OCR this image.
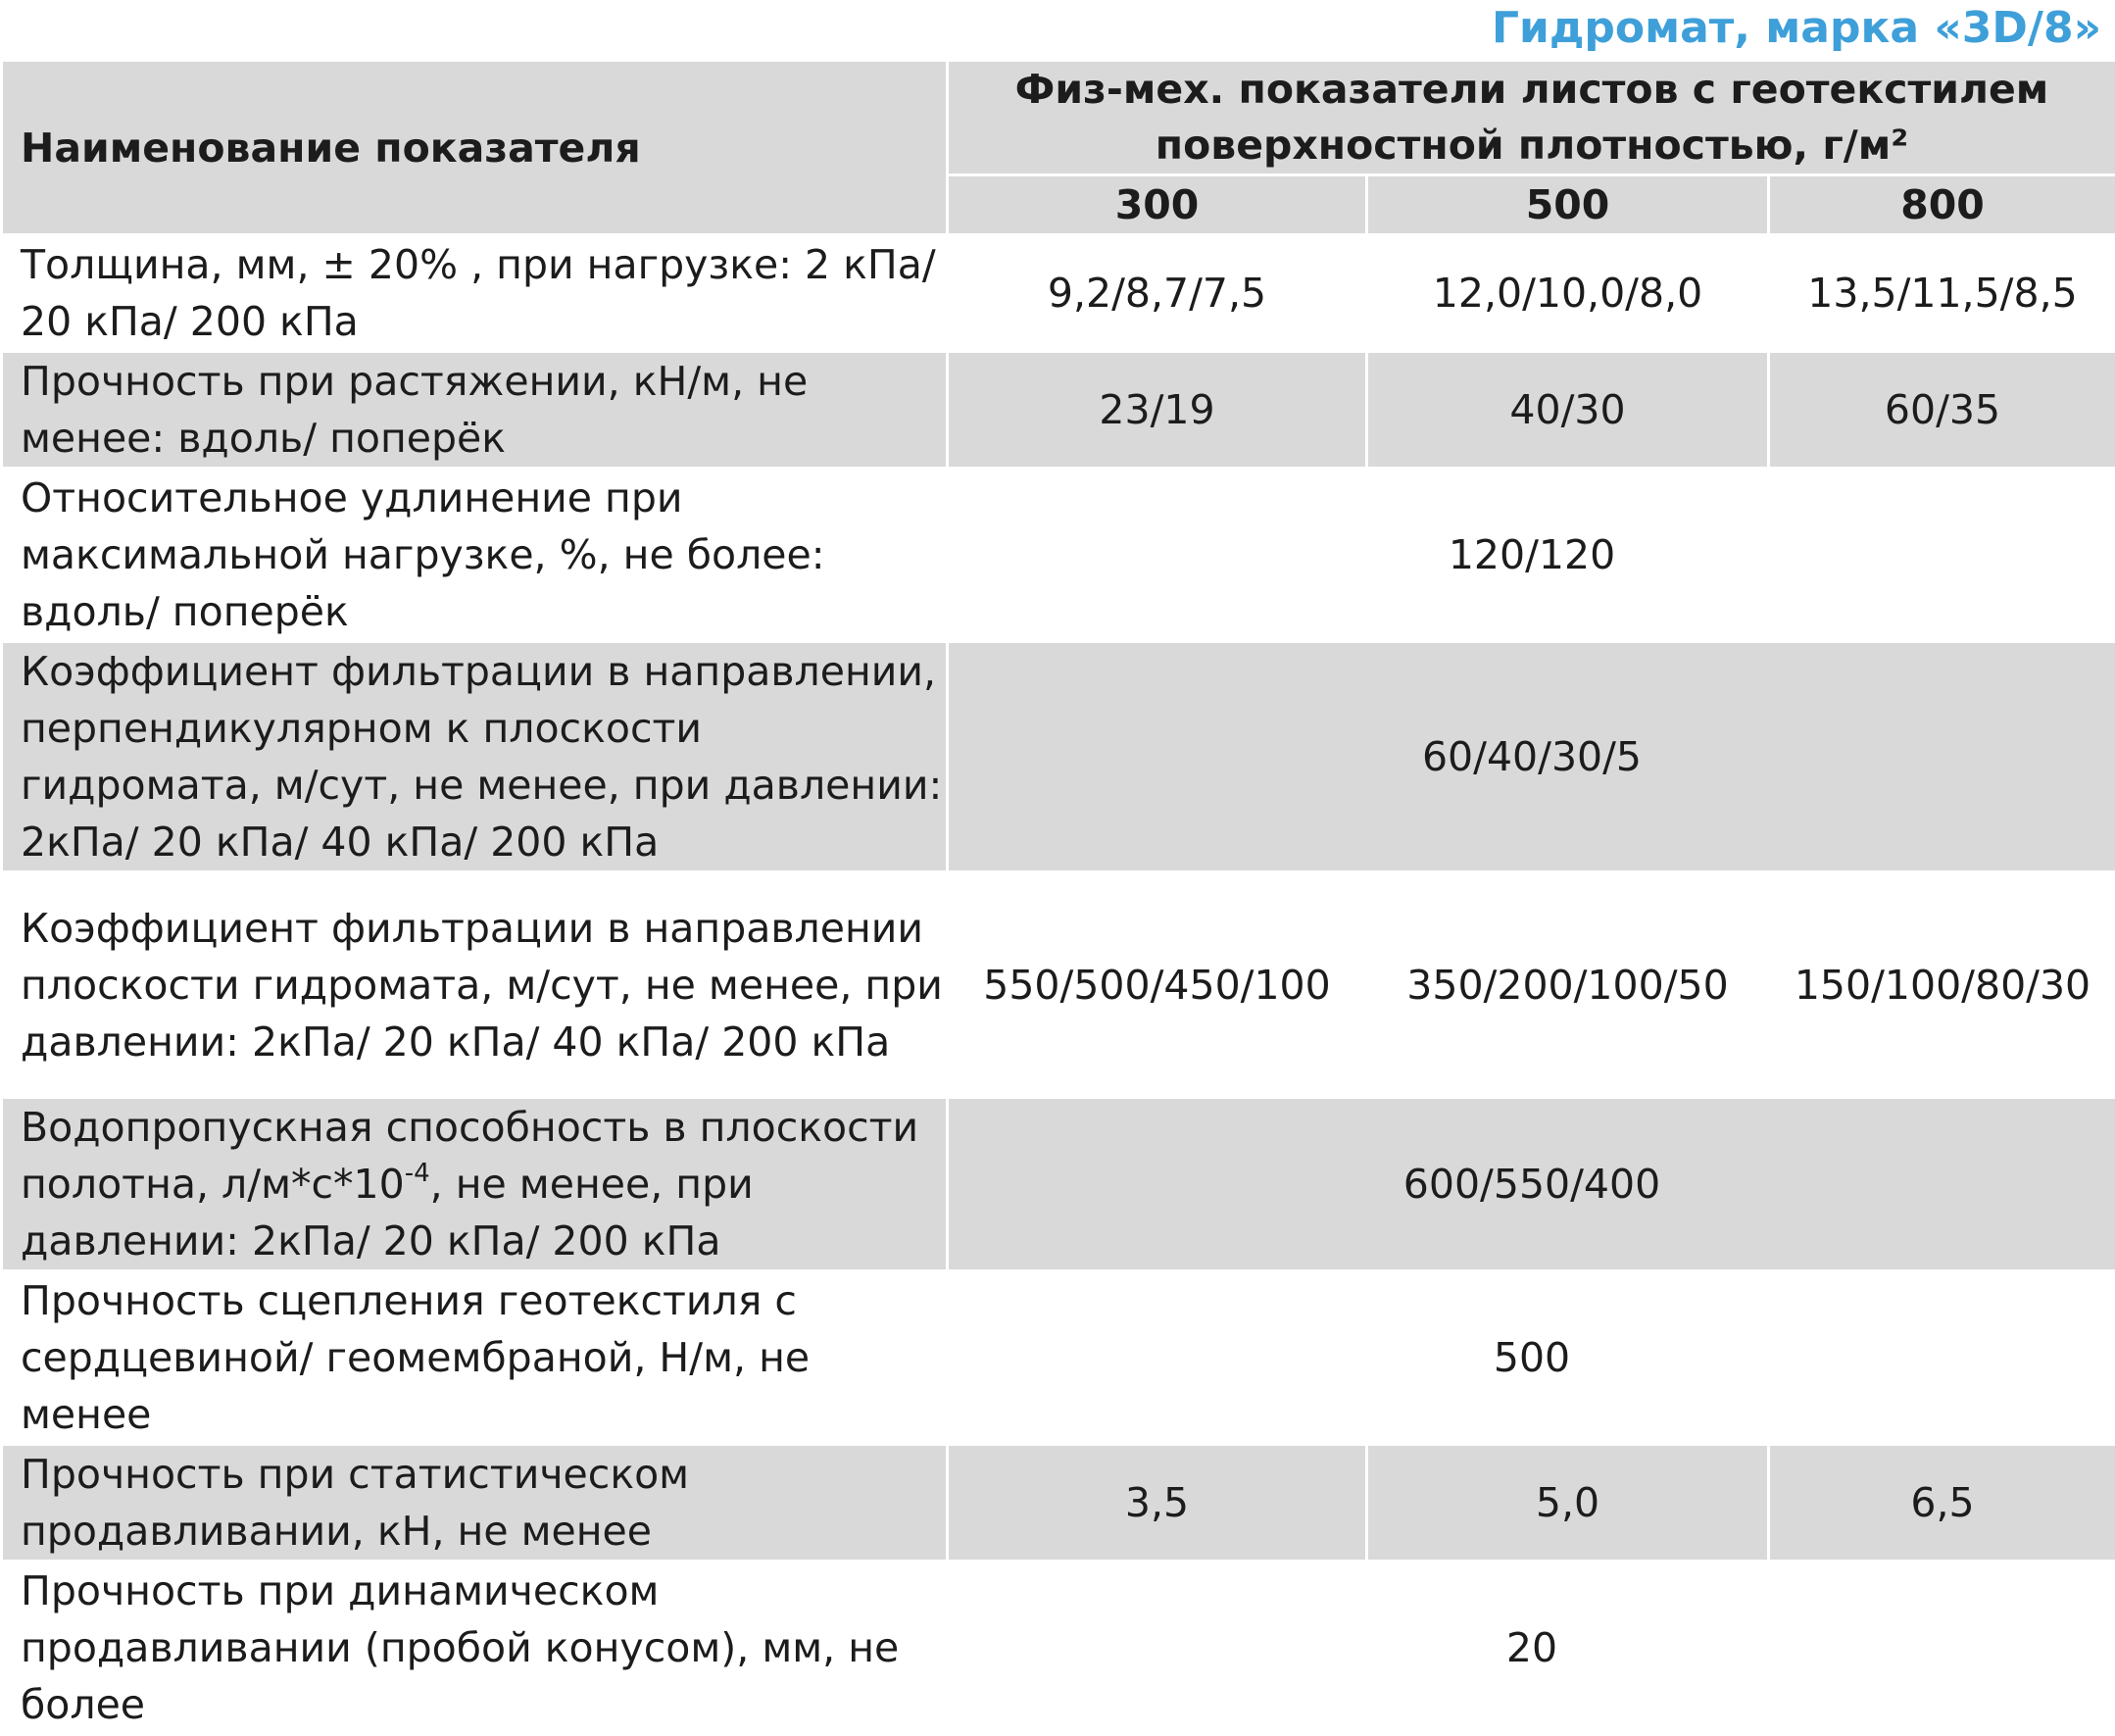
Гидромат, марка «3D/8»
Наименование показателя	Физ-мех. показатели листов с геотекстилем поверхностной плотностью, г/м²		
	300	500	800
Толщина, мм, ± 20% , при нагрузке: 2 кПа/ 20 кПа/ 200 кПа	9,2/8,7/7,5	12,0/10,0/8,0	13,5/11,5/8,5
Прочность при растяжении, кН/м, не менее: вдоль/ поперёк	23/19	40/30	60/35
Относительное удлинение при максимальной нагрузке, %, не более: вдоль/ поперёк	120/120		
Коэффициент фильтрации в направлении, перпендикулярном к плоскости гидромата, м/сут, не менее, при давлении: 2кПа/ 20 кПа/ 40 кПа/ 200 кПа	60/40/30/5		
Коэффициент фильтрации в направлении плоскости гидромата, м/сут, не менее, при давлении: 2кПа/ 20 кПа/ 40 кПа/ 200 кПа	550/500/450/100	350/200/100/50	150/100/80/30
Водопропускная способность в плоскости полотна, $л/м*с*10^{-4}$, не менее, при давлении: 2кПа/ 20 кПа/ 200 кПа	600/550/400		
Прочность сцепления геотекстиля с сердцевиной/ геомембраной, Н/м, не менее	500		
Прочность при статистическом продавливании, кН, не менее	3,5	5,0	6,5
Прочность при динамическом продавливании (пробой конусом), мм, не более	20		
